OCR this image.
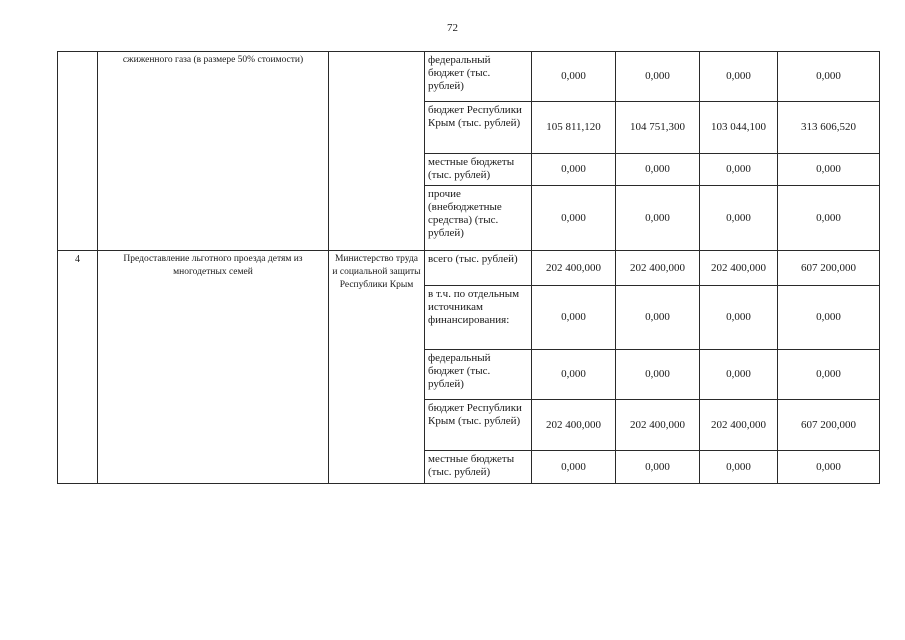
72
	сжиженного газа (в размере 50% стоимости)		федеральный бюджет (тыс. рублей)	0,000	0,000	0,000	0,000
			бюджет Республики Крым (тыс. рублей)	105 811,120	104 751,300	103 044,100	313 606,520
			местные бюджеты (тыс. рублей)	0,000	0,000	0,000	0,000
			прочие (внебюджетные средства) (тыс. рублей)	0,000	0,000	0,000	0,000
4	Предоставление льготного проезда детям из многодетных семей	Министерство труда и социальной защиты Республики Крым	всего (тыс. рублей)	202 400,000	202 400,000	202 400,000	607 200,000
			в т.ч. по отдельным источникам финансирования:	0,000	0,000	0,000	0,000
			федеральный бюджет (тыс. рублей)	0,000	0,000	0,000	0,000
			бюджет Республики Крым (тыс. рублей)	202 400,000	202 400,000	202 400,000	607 200,000
			местные бюджеты (тыс. рублей)	0,000	0,000	0,000	0,000
